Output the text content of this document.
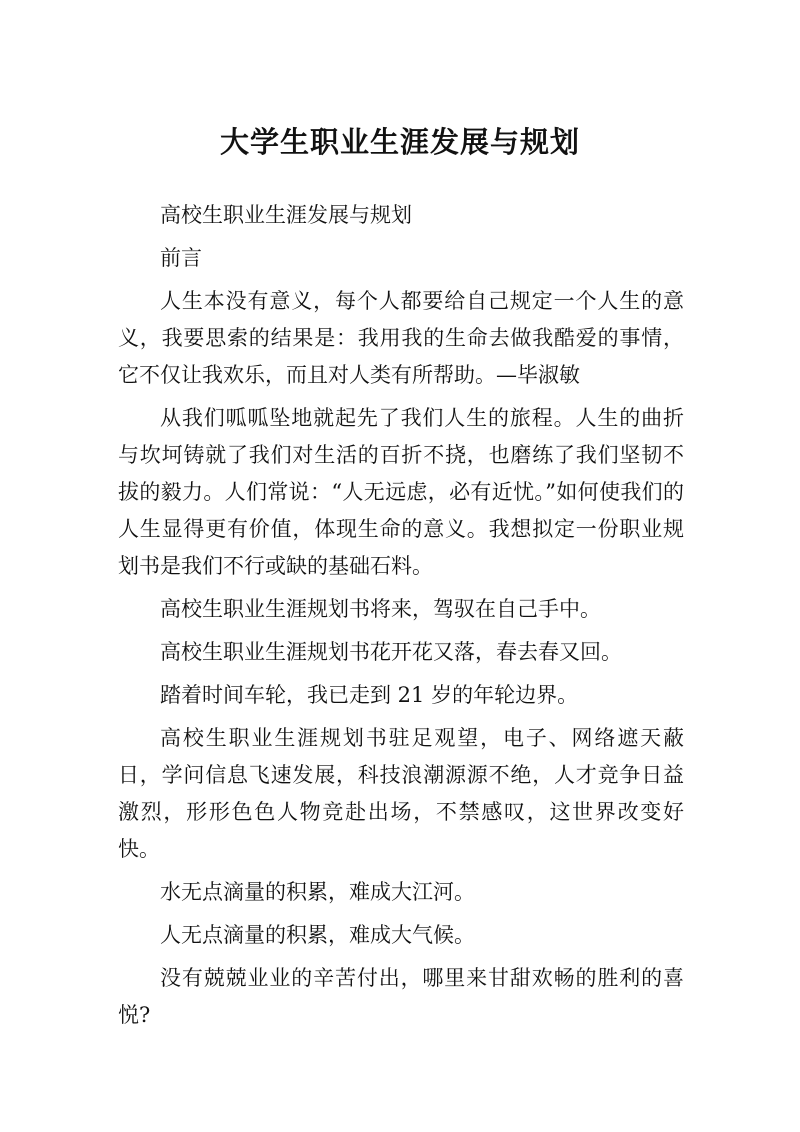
大学生职业生涯发展与规划

高校生职业生涯发展与规划

前言

人生本没有意义，每个人都要给自己规定一个人生的意义，我要思索的结果是：我用我的生命去做我酷爱的事情，它不仅让我欢乐，而且对人类有所帮助。—毕淑敏

从我们呱呱坠地就起先了我们人生的旅程。人生的曲折与坎坷铸就了我们对生活的百折不挠，也磨练了我们坚韧不拔的毅力。人们常说：“人无远虑，必有近忧。”如何使我们的人生显得更有价值，体现生命的意义。我想拟定一份职业规划书是我们不行或缺的基础石料。

高校生职业生涯规划书将来，驾驭在自己手中。

高校生职业生涯规划书花开花又落，春去春又回。

踏着时间车轮，我已走到 21 岁的年轮边界。

高校生职业生涯规划书驻足观望，电子、网络遮天蔽日，学问信息飞速发展，科技浪潮源源不绝，人才竞争日益激烈，形形色色人物竞赴出场，不禁感叹，这世界改变好快。

水无点滴量的积累，难成大江河。

人无点滴量的积累，难成大气候。

没有兢兢业业的辛苦付出，哪里来甘甜欢畅的胜利的喜悦?
